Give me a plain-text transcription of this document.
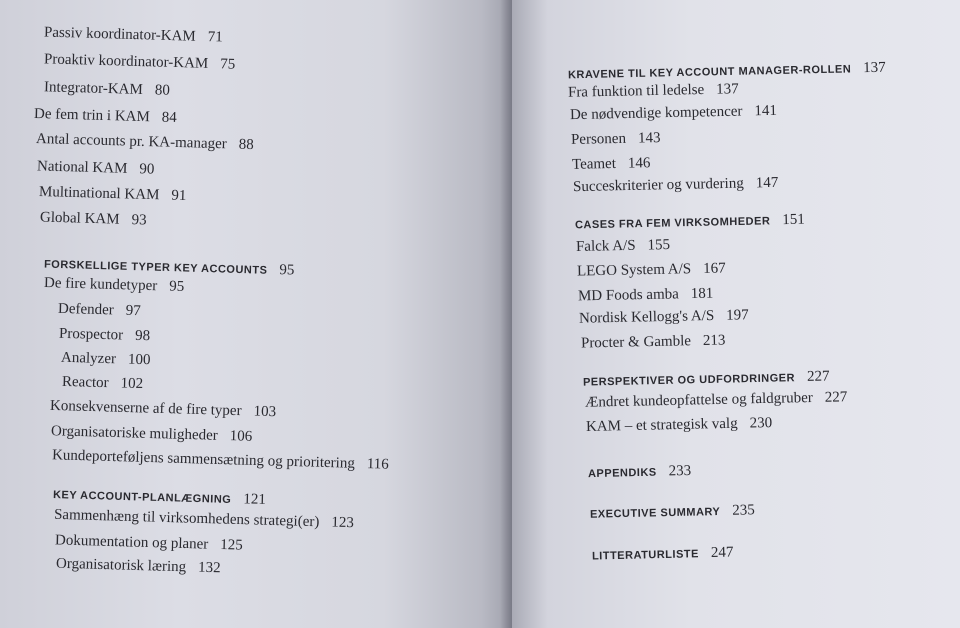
Passiv koordinator-KAM 71
Proaktiv koordinator-KAM 75
Integrator-KAM 80
De fem trin i KAM 84
Antal accounts pr. KA-manager 88
National KAM 90
Multinational KAM 91
Global KAM 93
FORSKELLIGE TYPER KEY ACCOUNTS 95
De fire kundetyper 95
Defender 97
Prospector 98
Analyzer 100
Reactor 102
Konsekvenserne af de fire typer 103
Organisatoriske muligheder 106
Kundeporteføljens sammensætning og prioritering 116
KEY ACCOUNT-PLANLÆGNING 121
Sammenhæng til virksomhedens strategi(er) 123
Dokumentation og planer 125
Organisatorisk læring 132
KRAVENE TIL KEY ACCOUNT MANAGER-ROLLEN 137
Fra funktion til ledelse 137
De nødvendige kompetencer 141
Personen 143
Teamet 146
Succeskriterier og vurdering 147
CASES FRA FEM VIRKSOMHEDER 151
Falck A/S 155
LEGO System A/S 167
MD Foods amba 181
Nordisk Kellogg's A/S 197
Procter & Gamble 213
PERSPEKTIVER OG UDFORDRINGER 227
Ændret kundeopfattelse og faldgruber 227
KAM – et strategisk valg 230
APPENDIKS 233
EXECUTIVE SUMMARY 235
LITTERATURLISTE 247
